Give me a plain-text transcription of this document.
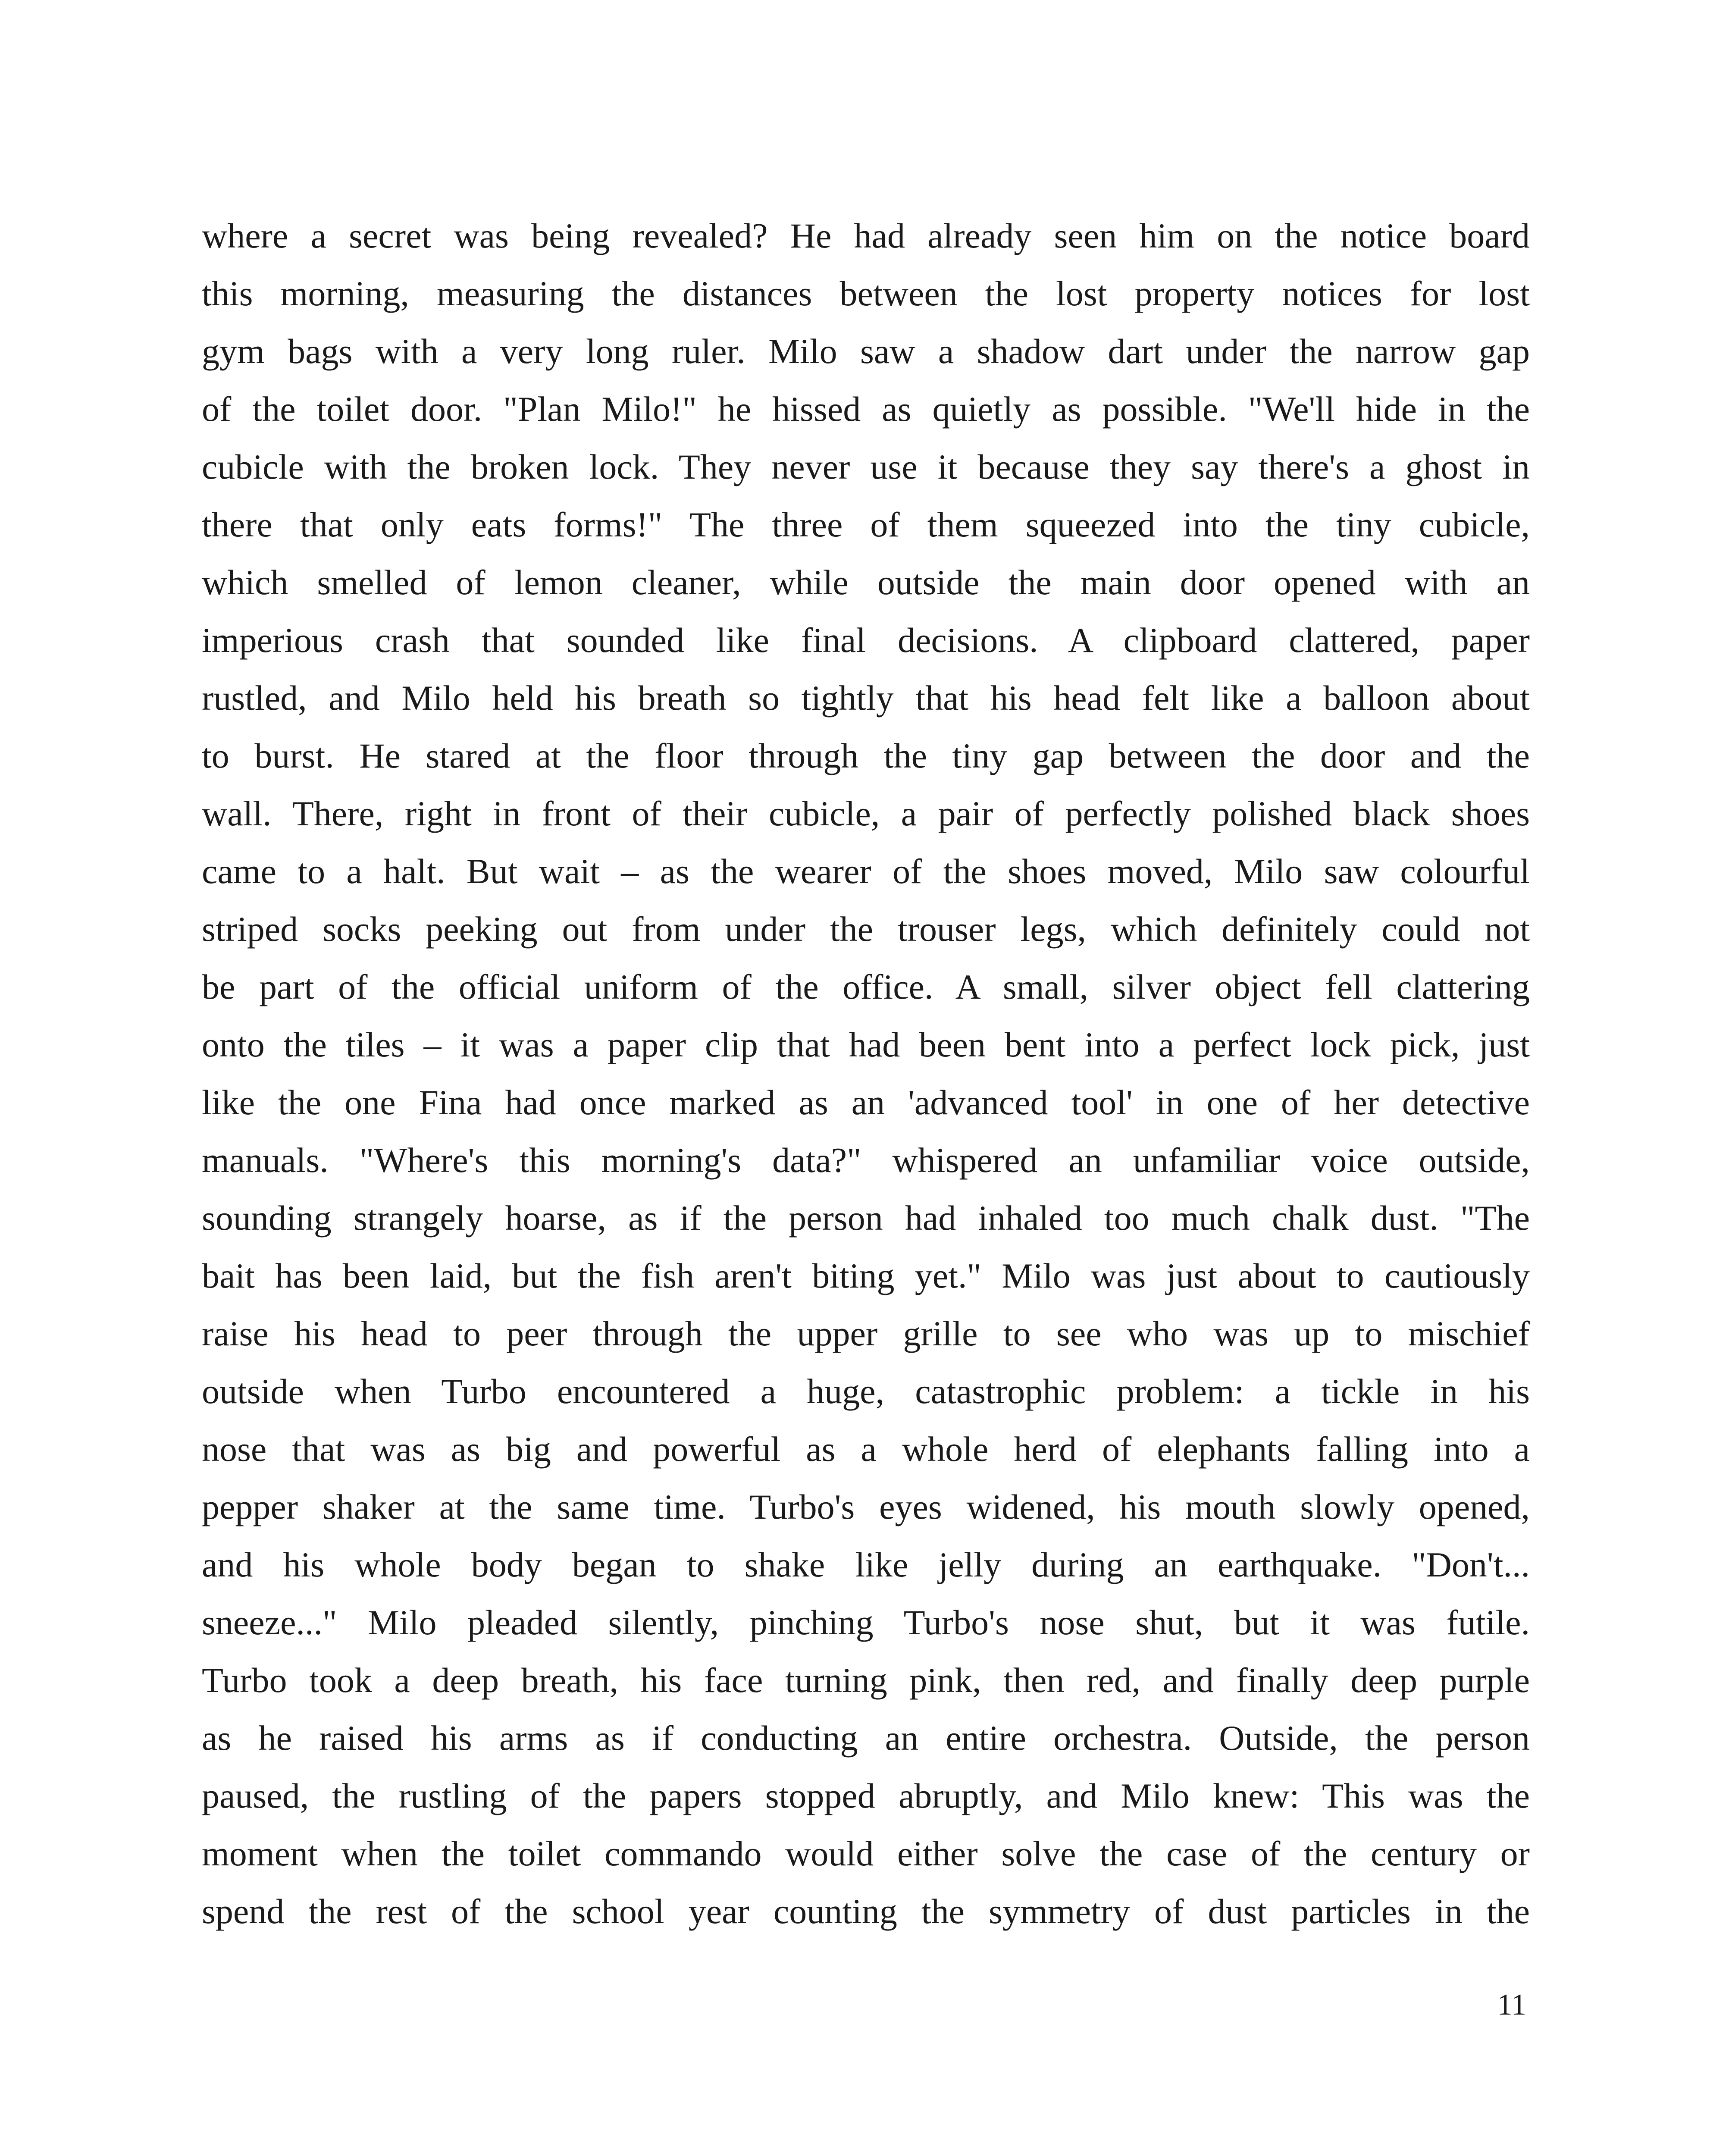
where a secret was being revealed? He had already seen him on the notice board
this morning, measuring the distances between the lost property notices for lost
gym bags with a very long ruler. Milo saw a shadow dart under the narrow gap
of the toilet door. "Plan Milo!" he hissed as quietly as possible. "We'll hide in the
cubicle with the broken lock. They never use it because they say there's a ghost in
there that only eats forms!" The three of them squeezed into the tiny cubicle,
which smelled of lemon cleaner, while outside the main door opened with an
imperious crash that sounded like final decisions. A clipboard clattered, paper
rustled, and Milo held his breath so tightly that his head felt like a balloon about
to burst. He stared at the floor through the tiny gap between the door and the
wall. There, right in front of their cubicle, a pair of perfectly polished black shoes
came to a halt. But wait – as the wearer of the shoes moved, Milo saw colourful
striped socks peeking out from under the trouser legs, which definitely could not
be part of the official uniform of the office. A small, silver object fell clattering
onto the tiles – it was a paper clip that had been bent into a perfect lock pick, just
like the one Fina had once marked as an 'advanced tool' in one of her detective
manuals. "Where's this morning's data?" whispered an unfamiliar voice outside,
sounding strangely hoarse, as if the person had inhaled too much chalk dust. "The
bait has been laid, but the fish aren't biting yet." Milo was just about to cautiously
raise his head to peer through the upper grille to see who was up to mischief
outside when Turbo encountered a huge, catastrophic problem: a tickle in his
nose that was as big and powerful as a whole herd of elephants falling into a
pepper shaker at the same time. Turbo's eyes widened, his mouth slowly opened,
and his whole body began to shake like jelly during an earthquake. "Don't...
sneeze..." Milo pleaded silently, pinching Turbo's nose shut, but it was futile.
Turbo took a deep breath, his face turning pink, then red, and finally deep purple
as he raised his arms as if conducting an entire orchestra. Outside, the person
paused, the rustling of the papers stopped abruptly, and Milo knew: This was the
moment when the toilet commando would either solve the case of the century or
spend the rest of the school year counting the symmetry of dust particles in the
11
